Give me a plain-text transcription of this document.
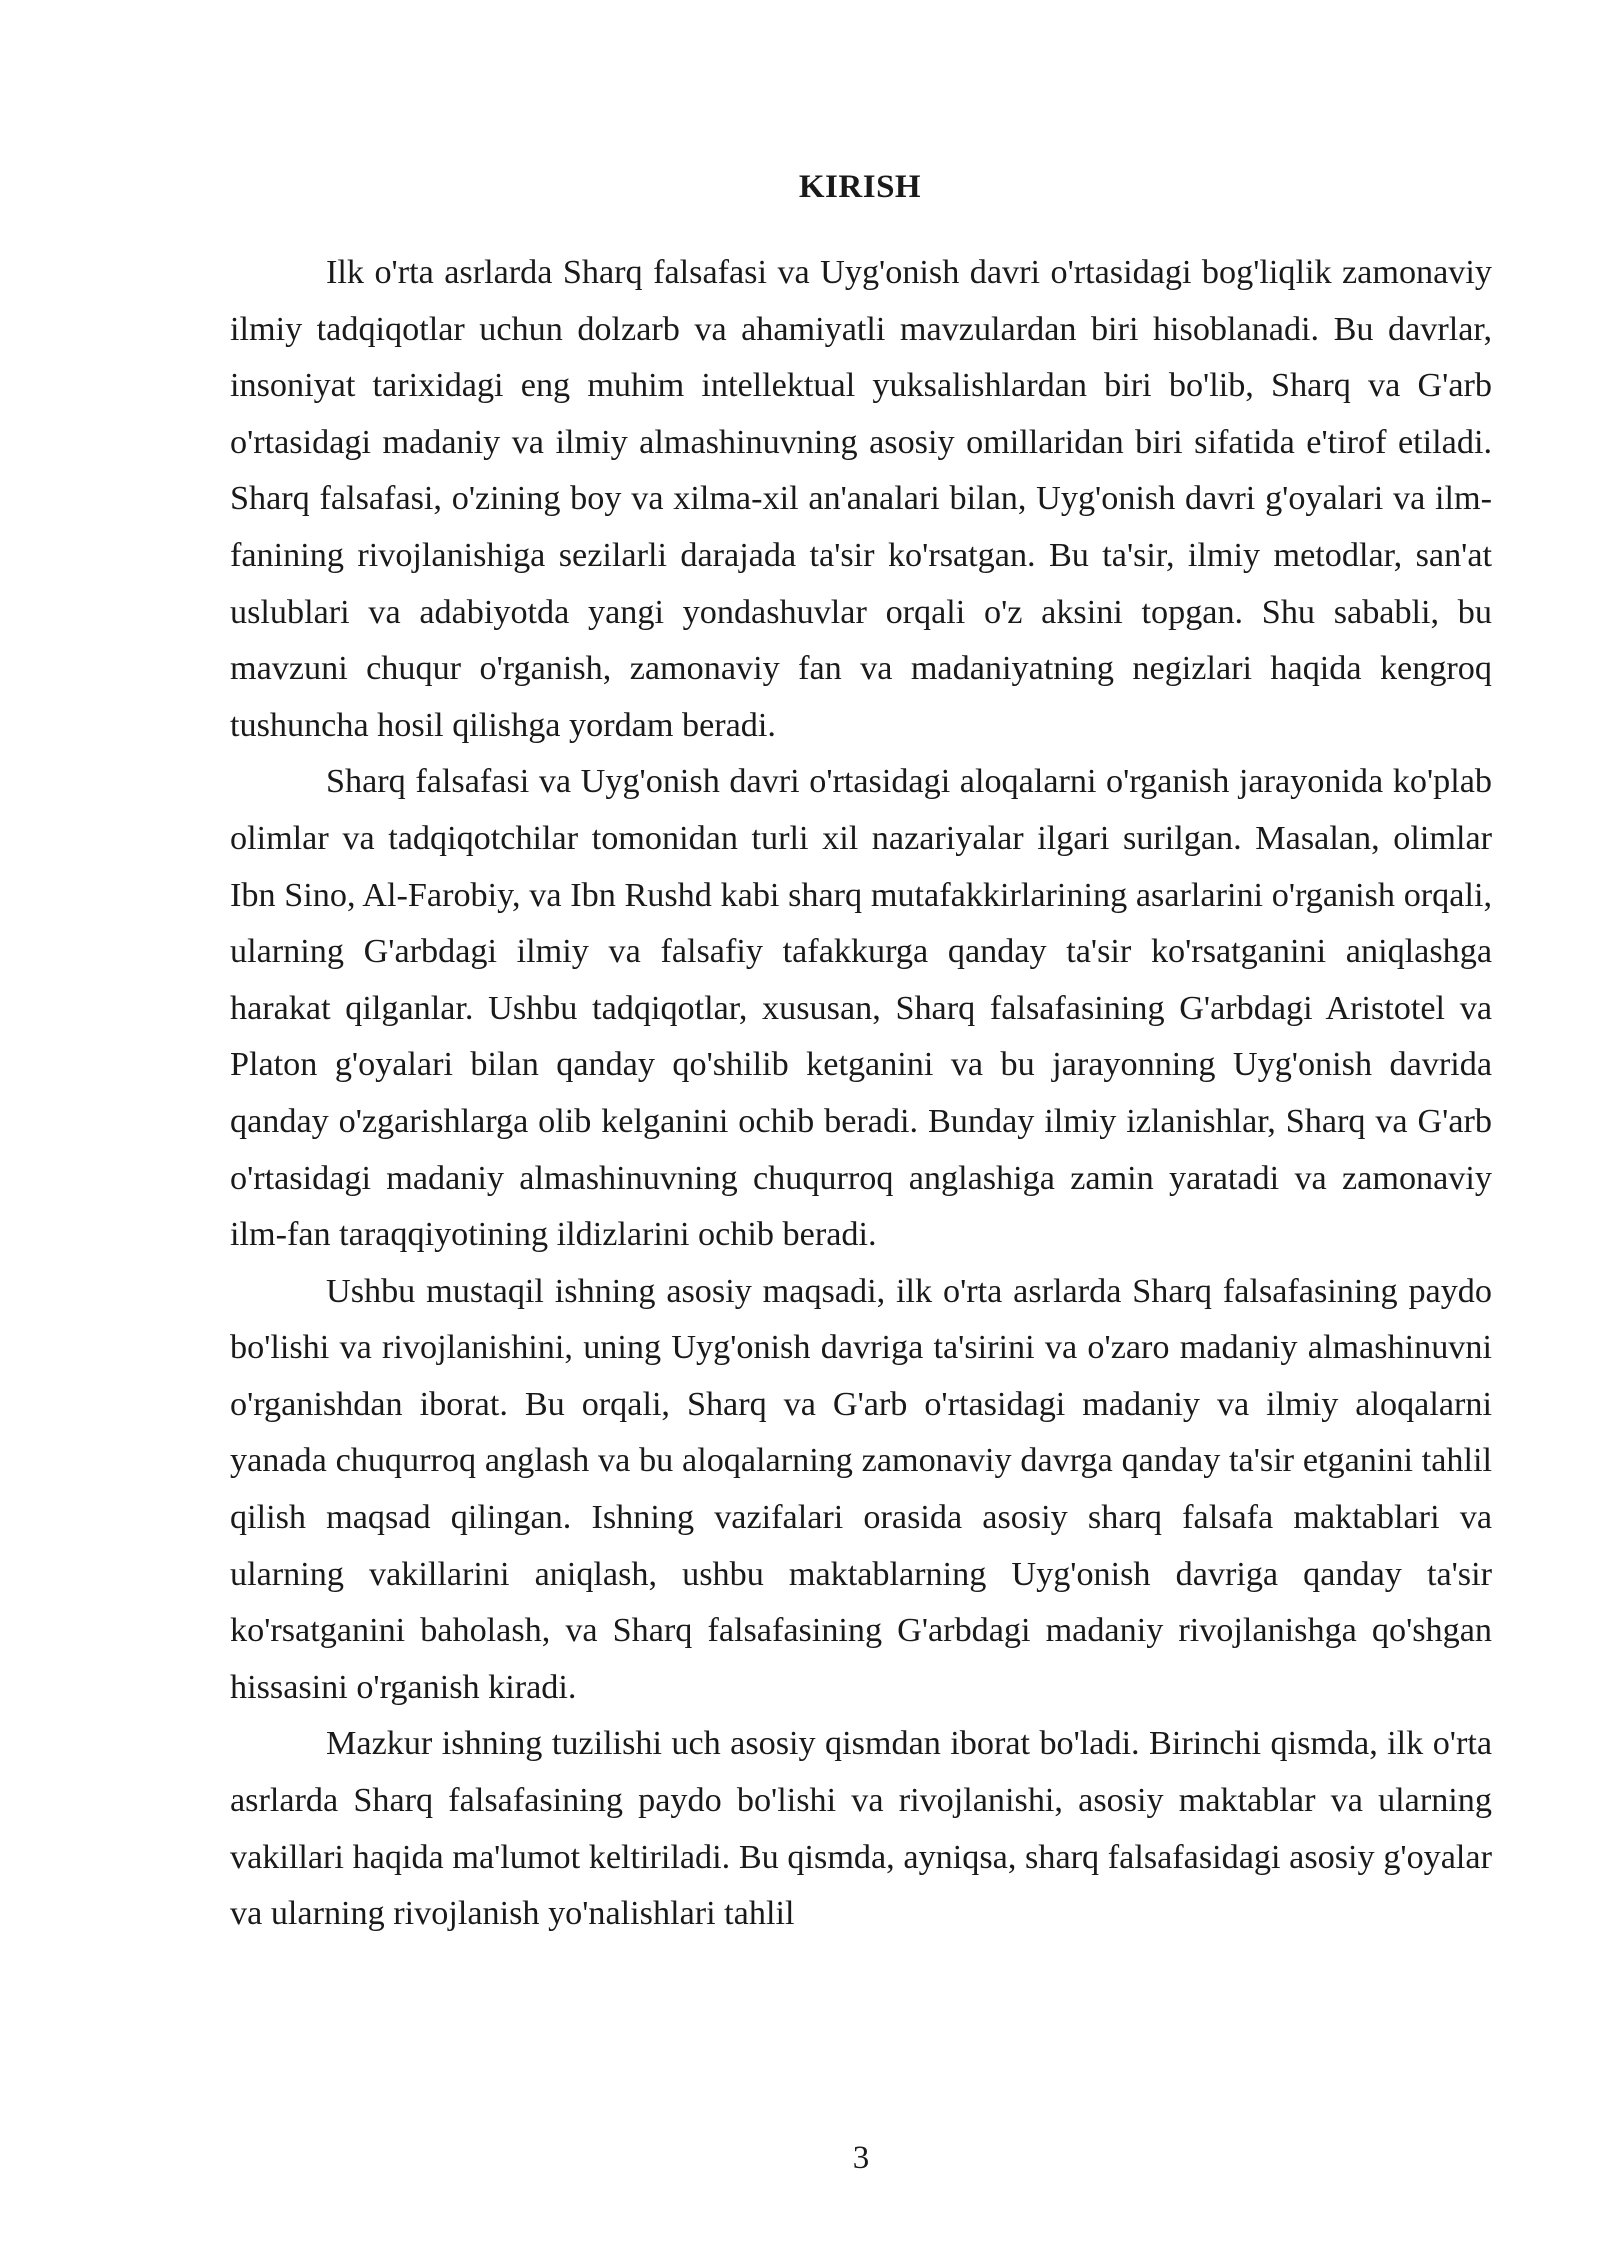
KIRISH

Ilk o'rta asrlarda Sharq falsafasi va Uyg'onish davri o'rtasidagi bog'liqlik zamonaviy ilmiy tadqiqotlar uchun dolzarb va ahamiyatli mavzulardan biri hisoblanadi. Bu davrlar, insoniyat tarixidagi eng muhim intellektual yuksalishlardan biri bo'lib, Sharq va G'arb o'rtasidagi madaniy va ilmiy almashinuvning asosiy omillaridan biri sifatida e'tirof etiladi. Sharq falsafasi, o'zining boy va xilma-xil an'analari bilan, Uyg'onish davri g'oyalari va ilm-fanining rivojlanishiga sezilarli darajada ta'sir ko'rsatgan. Bu ta'sir, ilmiy metodlar, san'at uslublari va adabiyotda yangi yondashuvlar orqali o'z aksini topgan. Shu sababli, bu mavzuni chuqur o'rganish, zamonaviy fan va madaniyatning negizlari haqida kengroq tushuncha hosil qilishga yordam beradi.

Sharq falsafasi va Uyg'onish davri o'rtasidagi aloqalarni o'rganish jarayonida ko'plab olimlar va tadqiqotchilar tomonidan turli xil nazariyalar ilgari surilgan. Masalan, olimlar Ibn Sino, Al-Farobiy, va Ibn Rushd kabi sharq mutafakkirlarining asarlarini o'rganish orqali, ularning G'arbdagi ilmiy va falsafiy tafakkurga qanday ta'sir ko'rsatganini aniqlashga harakat qilganlar. Ushbu tadqiqotlar, xususan, Sharq falsafasining G'arbdagi Aristotel va Platon g'oyalari bilan qanday qo'shilib ketganini va bu jarayonning Uyg'onish davrida qanday o'zgarishlarga olib kelganini ochib beradi. Bunday ilmiy izlanishlar, Sharq va G'arb o'rtasidagi madaniy almashinuvning chuqurroq anglashiga zamin yaratadi va zamonaviy ilm-fan taraqqiyotining ildizlarini ochib beradi.

Ushbu mustaqil ishning asosiy maqsadi, ilk o'rta asrlarda Sharq falsafasining paydo bo'lishi va rivojlanishini, uning Uyg'onish davriga ta'sirini va o'zaro madaniy almashinuvni o'rganishdan iborat. Bu orqali, Sharq va G'arb o'rtasidagi madaniy va ilmiy aloqalarni yanada chuqurroq anglash va bu aloqalarning zamonaviy davrga qanday ta'sir etganini tahlil qilish maqsad qilingan. Ishning vazifalari orasida asosiy sharq falsafa maktablari va ularning vakillarini aniqlash, ushbu maktablarning Uyg'onish davriga qanday ta'sir ko'rsatganini baholash, va Sharq falsafasining G'arbdagi madaniy rivojlanishga qo'shgan hissasini o'rganish kiradi.

Mazkur ishning tuzilishi uch asosiy qismdan iborat bo'ladi. Birinchi qismda, ilk o'rta asrlarda Sharq falsafasining paydo bo'lishi va rivojlanishi, asosiy maktablar va ularning vakillari haqida ma'lumot keltiriladi. Bu qismda, ayniqsa, sharq falsafasidagi asosiy g'oyalar va ularning rivojlanish yo'nalishlari tahlil

3
